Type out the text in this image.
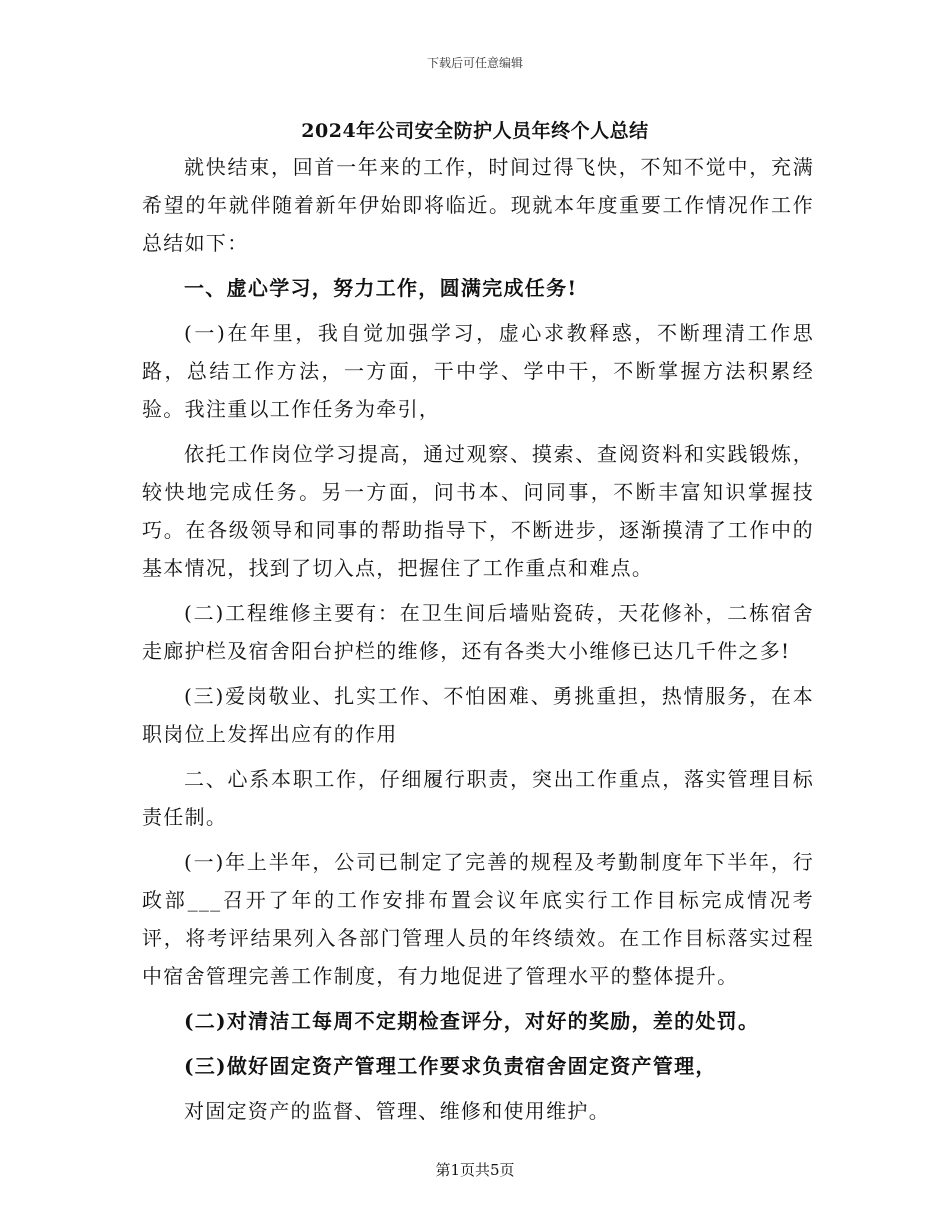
下载后可任意编辑
2024年公司安全防护人员年终个人总结

就快结束，回首一年来的工作，时间过得飞快，不知不觉中，充满希望的年就伴随着新年伊始即将临近。现就本年度重要工作情况作工作总结如下：

一、虚心学习，努力工作，圆满完成任务!

(一)在年里，我自觉加强学习，虚心求教释惑，不断理清工作思路，总结工作方法，一方面，干中学、学中干，不断掌握方法积累经验。我注重以工作任务为牵引，

依托工作岗位学习提高，通过观察、摸索、查阅资料和实践锻炼，较快地完成任务。另一方面，问书本、问同事，不断丰富知识掌握技巧。在各级领导和同事的帮助指导下，不断进步，逐渐摸清了工作中的基本情况，找到了切入点，把握住了工作重点和难点。

(二)工程维修主要有：在卫生间后墙贴瓷砖，天花修补，二栋宿舍走廊护栏及宿舍阳台护栏的维修，还有各类大小维修已达几千件之多!

(三)爱岗敬业、扎实工作、不怕困难、勇挑重担，热情服务，在本职岗位上发挥出应有的作用

二、心系本职工作，仔细履行职责，突出工作重点，落实管理目标责任制。

(一)年上半年，公司已制定了完善的规程及考勤制度年下半年，行政部___召开了年的工作安排布置会议年底实行工作目标完成情况考评，将考评结果列入各部门管理人员的年终绩效。在工作目标落实过程中宿舍管理完善工作制度，有力地促进了管理水平的整体提升。

(二)对清洁工每周不定期检查评分，对好的奖励，差的处罚。

(三)做好固定资产管理工作要求负责宿舍固定资产管理，

对固定资产的监督、管理、维修和使用维护。

第1页共5页
